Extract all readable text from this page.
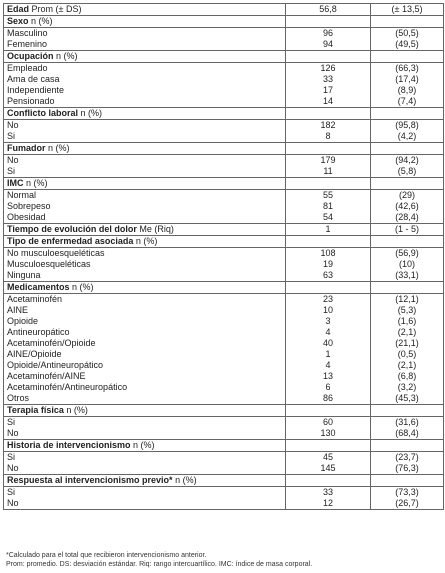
Edad Prom (± DS)	56,8	(± 13,5)
Sexo n (%)		
Masculino	96	(50,5)
Femenino	94	(49,5)
Ocupación n (%)		
Empleado	126	(66,3)
Ama de casa	33	(17,4)
Independiente	17	(8,9)
Pensionado	14	(7,4)
Conflicto laboral n (%)		
No	182	(95,8)
Si	8	(4,2)
Fumador n (%)		
No	179	(94,2)
Si	11	(5,8)
IMC n (%)		
Normal	55	(29)
Sobrepeso	81	(42,6)
Obesidad	54	(28,4)
Tiempo de evolución del dolor Me (Riq)	1	(1 - 5)
Tipo de enfermedad asociada n (%)		
No musculoesqueléticas	108	(56,9)
Musculoesqueléticas	19	(10)
Ninguna	63	(33,1)
Medicamentos n (%)		
Acetaminofén	23	(12,1)
AINE	10	(5,3)
Opioide	3	(1,6)
Antineuropático	4	(2,1)
Acetaminofén/Opioide	40	(21,1)
AINE/Opioide	1	(0,5)
Opioide/Antineuropático	4	(2,1)
Acetaminofén/AINE	13	(6,8)
Acetaminofén/Antineuropático	6	(3,2)
Otros	86	(45,3)
Terapia física n (%)		
Si	60	(31,6)
No	130	(68,4)
Historia de intervencionismo n (%)		
Si	45	(23,7)
No	145	(76,3)
Respuesta al intervencionismo previo* n (%)		
Si	33	(73,3)
No	12	(26,7)
*Calculado para el total que recibieron intervencionismo anterior.
Prom: promedio. DS: desviación estándar. Riq: rango intercuartílico. IMC: índice de masa corporal.
